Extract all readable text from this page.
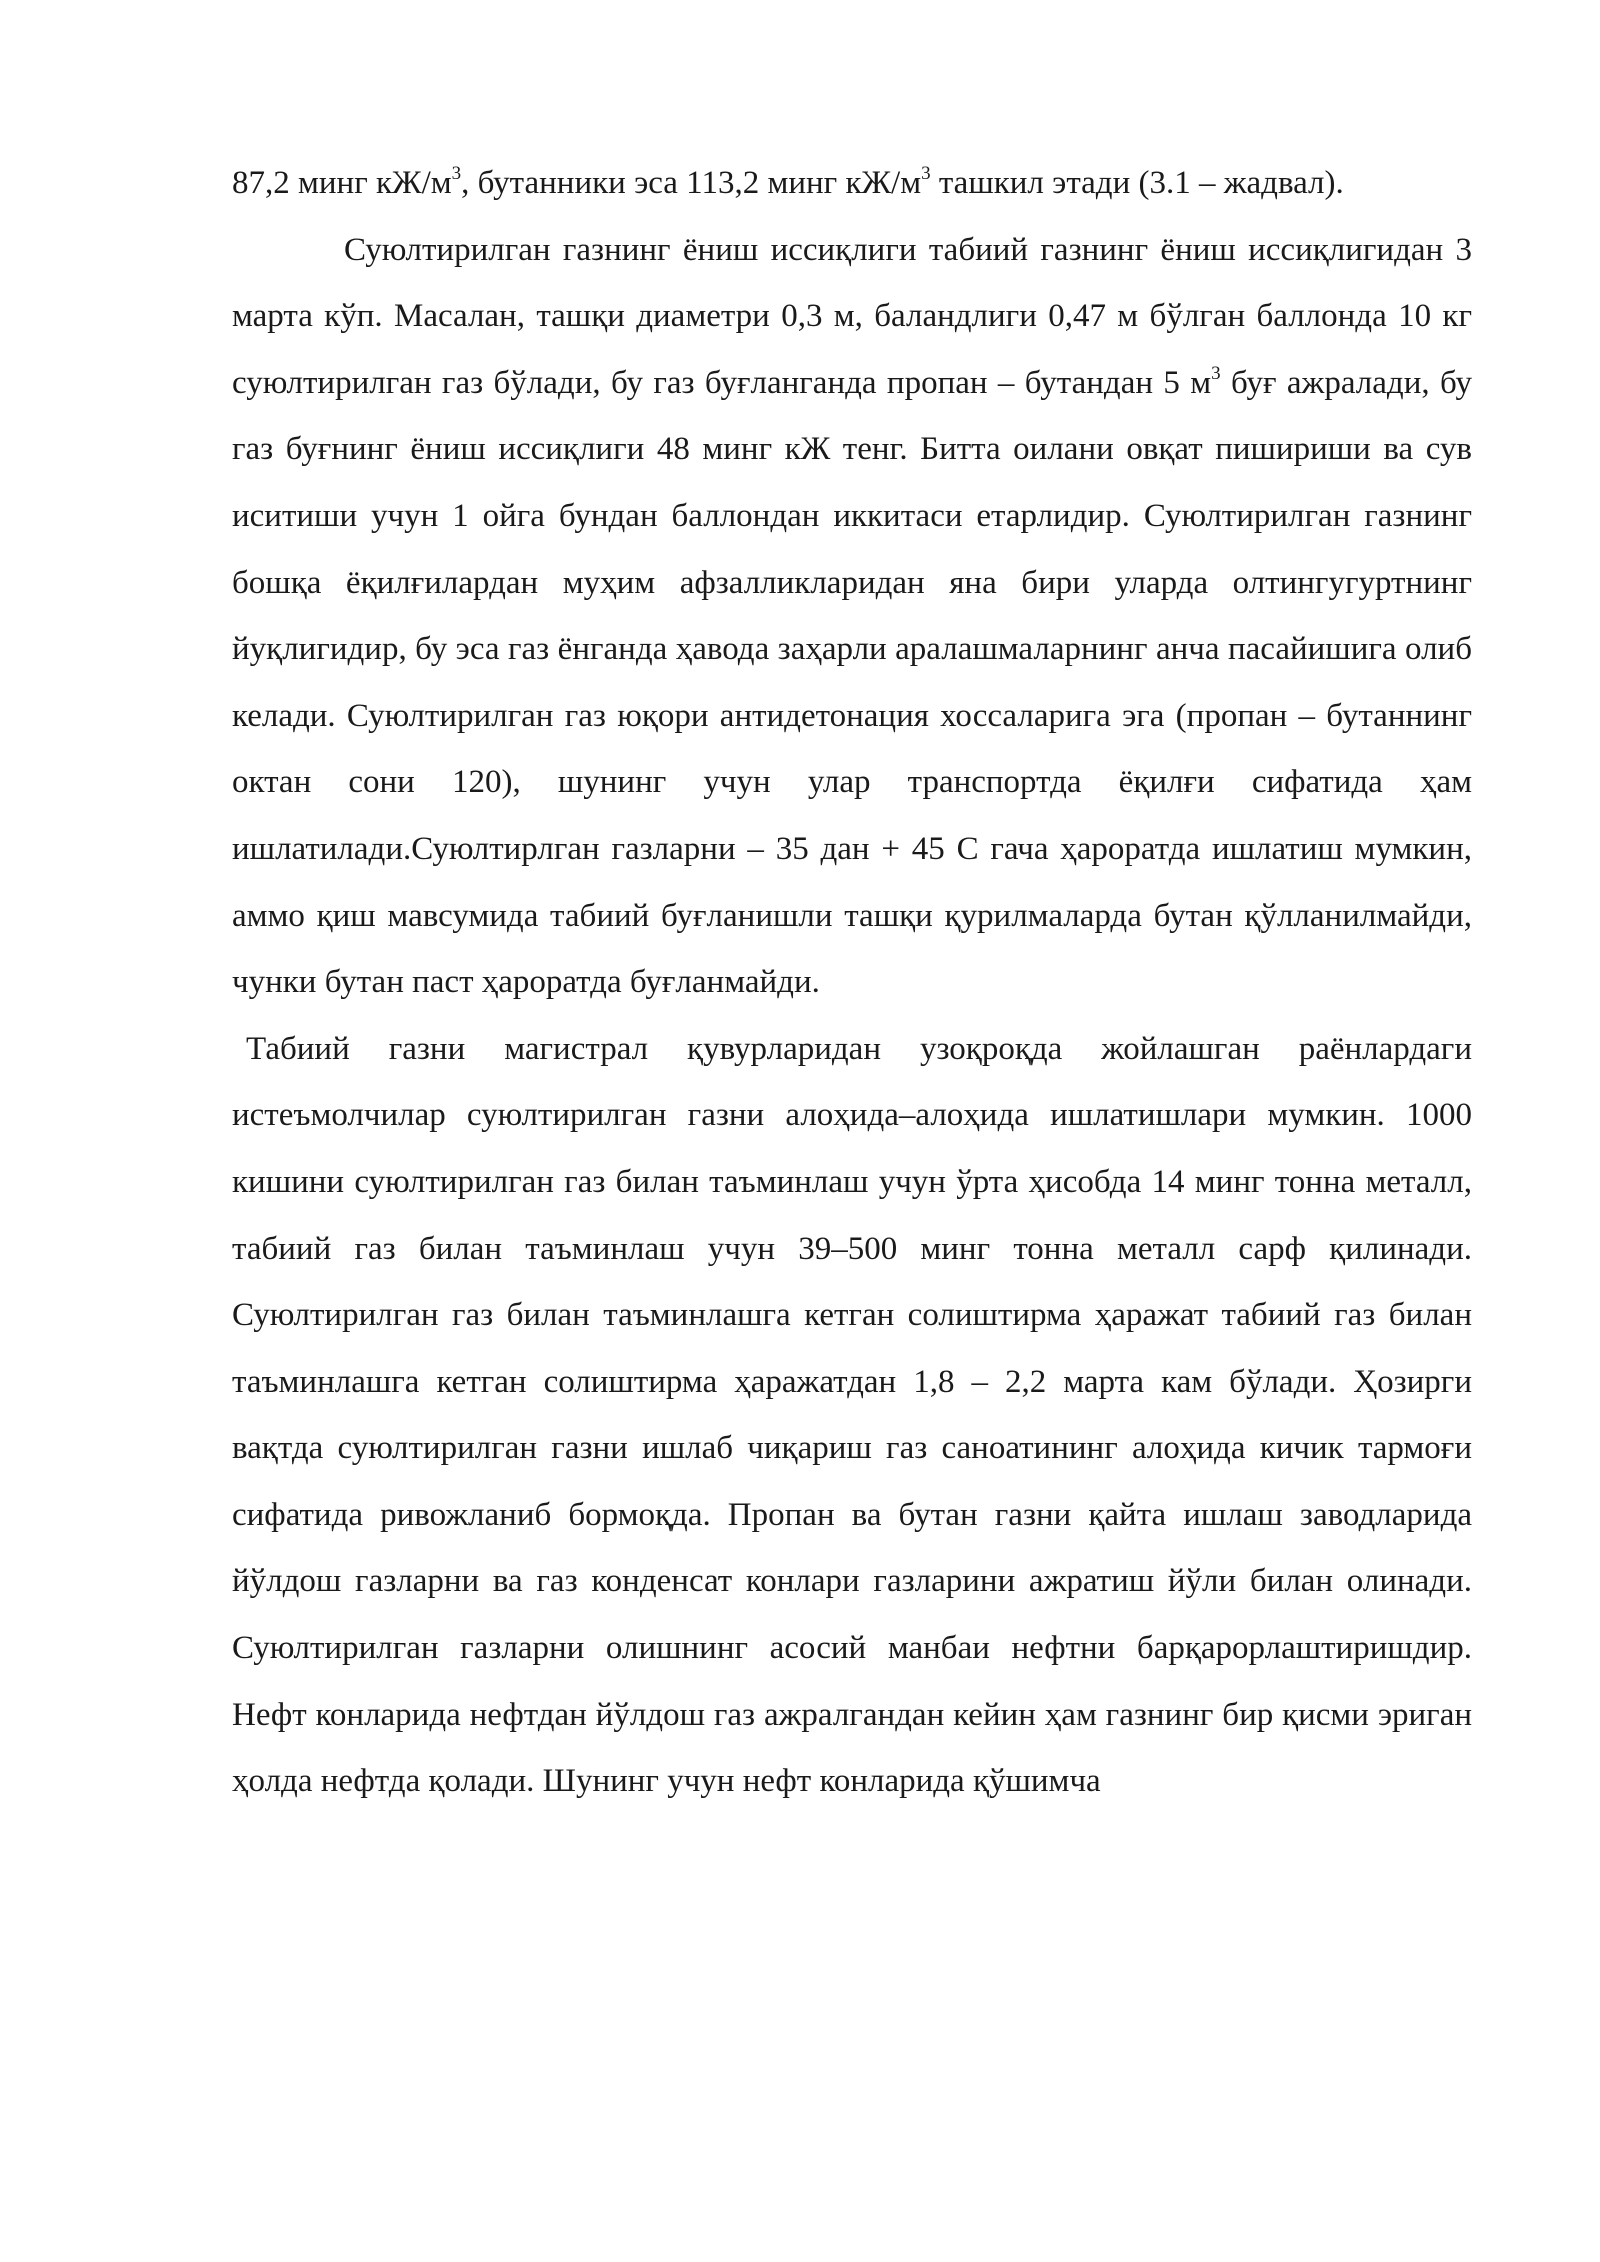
87,2 минг $кЖ/м^3$, бутанники эса 113,2 минг $кЖ/м^3$ ташкил этади (3.1 – жадвал).

Суюлтирилган газнинг ёниш иссиқлиги табиий газнинг ёниш иссиқлигидан 3 марта кўп. Масалан, ташқи диаметри 0,3 м, баландлиги 0,47 м бўлган баллонда 10 кг суюлтирилган газ бўлади, бу газ буғланганда пропан – бутандан 5 $м^3$ буғ ажралади, бу газ буғнинг ёниш иссиқлиги 48 минг кЖ тенг. Битта оилани овқат пишириши ва сув иситиши учун 1 ойга бундан баллондан иккитаси етарлидир. Суюлтирилган газнинг бошқа ёқилғилардан муҳим афзалликларидан яна бири уларда олтингугуртнинг йуқлигидир, бу эса газ ёнганда ҳавода заҳарли аралашмаларнинг анча пасайишига олиб келади. Суюлтирилган газ юқори антидетонация хоссаларига эга (пропан – бутаннинг октан сони 120), шунинг учун улар транспортда ёқилғи сифатида ҳам ишлатилади.Суюлтирлган газларни – 35 дан + 45 С гача ҳароратда ишлатиш мумкин, аммо қиш мавсумида табиий буғланишли ташқи қурилмаларда бутан қўлланилмайди, чунки бутан паст ҳароратда буғланмайди.

Табиий газни магистрал қувурларидан узоқроқда жойлашган раёнлардаги истеъмолчилар суюлтирилган газни алоҳида–алоҳида ишлатишлари мумкин. 1000 кишини суюлтирилган газ билан таъминлаш учун ўрта ҳисобда 14 минг тонна металл, табиий газ билан таъминлаш учун 39–500 минг тонна металл сарф қилинади. Суюлтирилган газ билан таъминлашга кетган солиштирма ҳаражат табиий газ билан таъминлашга кетган солиштирма ҳаражатдан 1,8 – 2,2 марта кам бўлади. Ҳозирги вақтда суюлтирилган газни ишлаб чиқариш газ саноатининг алоҳида кичик тармоғи сифатида ривожланиб бормоқда. Пропан ва бутан газни қайта ишлаш заводларида йўлдош газларни ва газ конденсат конлари газларини ажратиш йўли билан олинади. Суюлтирилган газларни олишнинг асосий манбаи нефтни барқарорлаштиришдир. Нефт конларида нефтдан йўлдош газ ажралгандан кейин ҳам газнинг бир қисми эриган ҳолда нефтда қолади. Шунинг учун нефт конларида қўшимча
